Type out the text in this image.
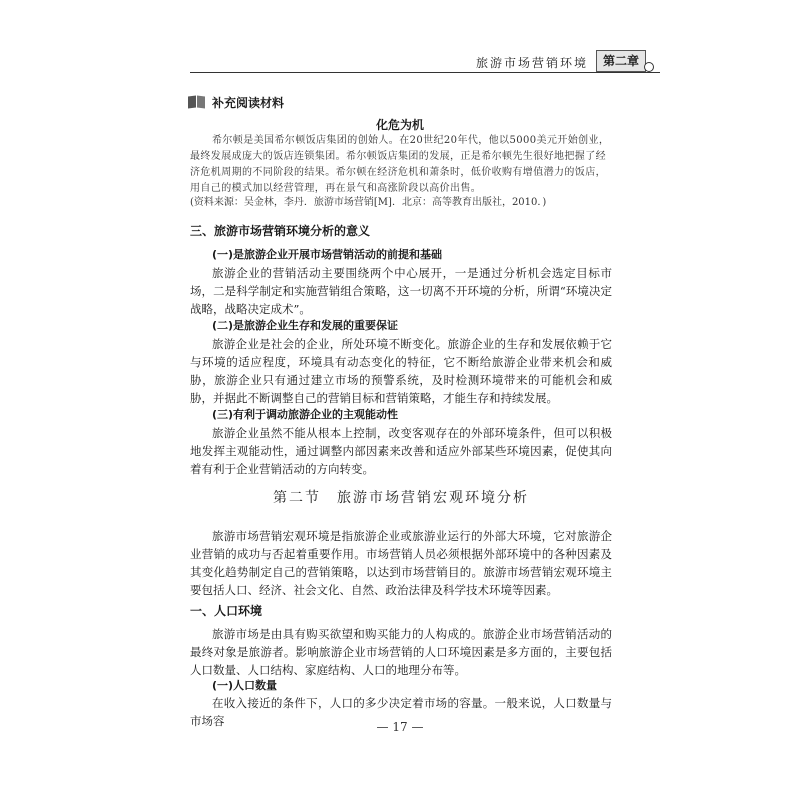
旅游市场营销环境	第二章
补充阅读材料
化危为机
希尔顿是美国希尔顿饭店集团的创始人。在20世纪20年代，他以5000美元开始创业，最终发展成庞大的饭店连锁集团。希尔顿饭店集团的发展，正是希尔顿先生很好地把握了经济危机周期的不同阶段的结果。希尔顿在经济危机和萧条时，低价收购有增值潜力的饭店，用自己的模式加以经营管理，再在景气和高涨阶段以高价出售。
(资料来源：吴金林，李丹．旅游市场营销[M]．北京：高等教育出版社，2010．)
三、旅游市场营销环境分析的意义
(一)是旅游企业开展市场营销活动的前提和基础
旅游企业的营销活动主要围绕两个中心展开，一是通过分析机会选定目标市场，二是科学制定和实施营销组合策略，这一切离不开环境的分析，所谓“环境决定战略，战略决定成术”。
(二)是旅游企业生存和发展的重要保证
旅游企业是社会的企业，所处环境不断变化。旅游企业的生存和发展依赖于它与环境的适应程度，环境具有动态变化的特征，它不断给旅游企业带来机会和威胁，旅游企业只有通过建立市场的预警系统，及时检测环境带来的可能机会和威胁，并据此不断调整自己的营销目标和营销策略，才能生存和持续发展。
(三)有利于调动旅游企业的主观能动性
旅游企业虽然不能从根本上控制，改变客观存在的外部环境条件，但可以积极地发挥主观能动性，通过调整内部因素来改善和适应外部某些环境因素，促使其向着有利于企业营销活动的方向转变。
第二节　旅游市场营销宏观环境分析
旅游市场营销宏观环境是指旅游企业或旅游业运行的外部大环境，它对旅游企业营销的成功与否起着重要作用。市场营销人员必须根据外部环境中的各种因素及其变化趋势制定自己的营销策略，以达到市场营销目的。旅游市场营销宏观环境主要包括人口、经济、社会文化、自然、政治法律及科学技术环境等因素。
一、人口环境
旅游市场是由具有购买欲望和购买能力的人构成的。旅游企业市场营销活动的最终对象是旅游者。影响旅游企业市场营销的人口环境因素是多方面的，主要包括人口数量、人口结构、家庭结构、人口的地理分布等。
(一)人口数量
在收入接近的条件下，人口的多少决定着市场的容量。一般来说，人口数量与市场容	— 17 —
